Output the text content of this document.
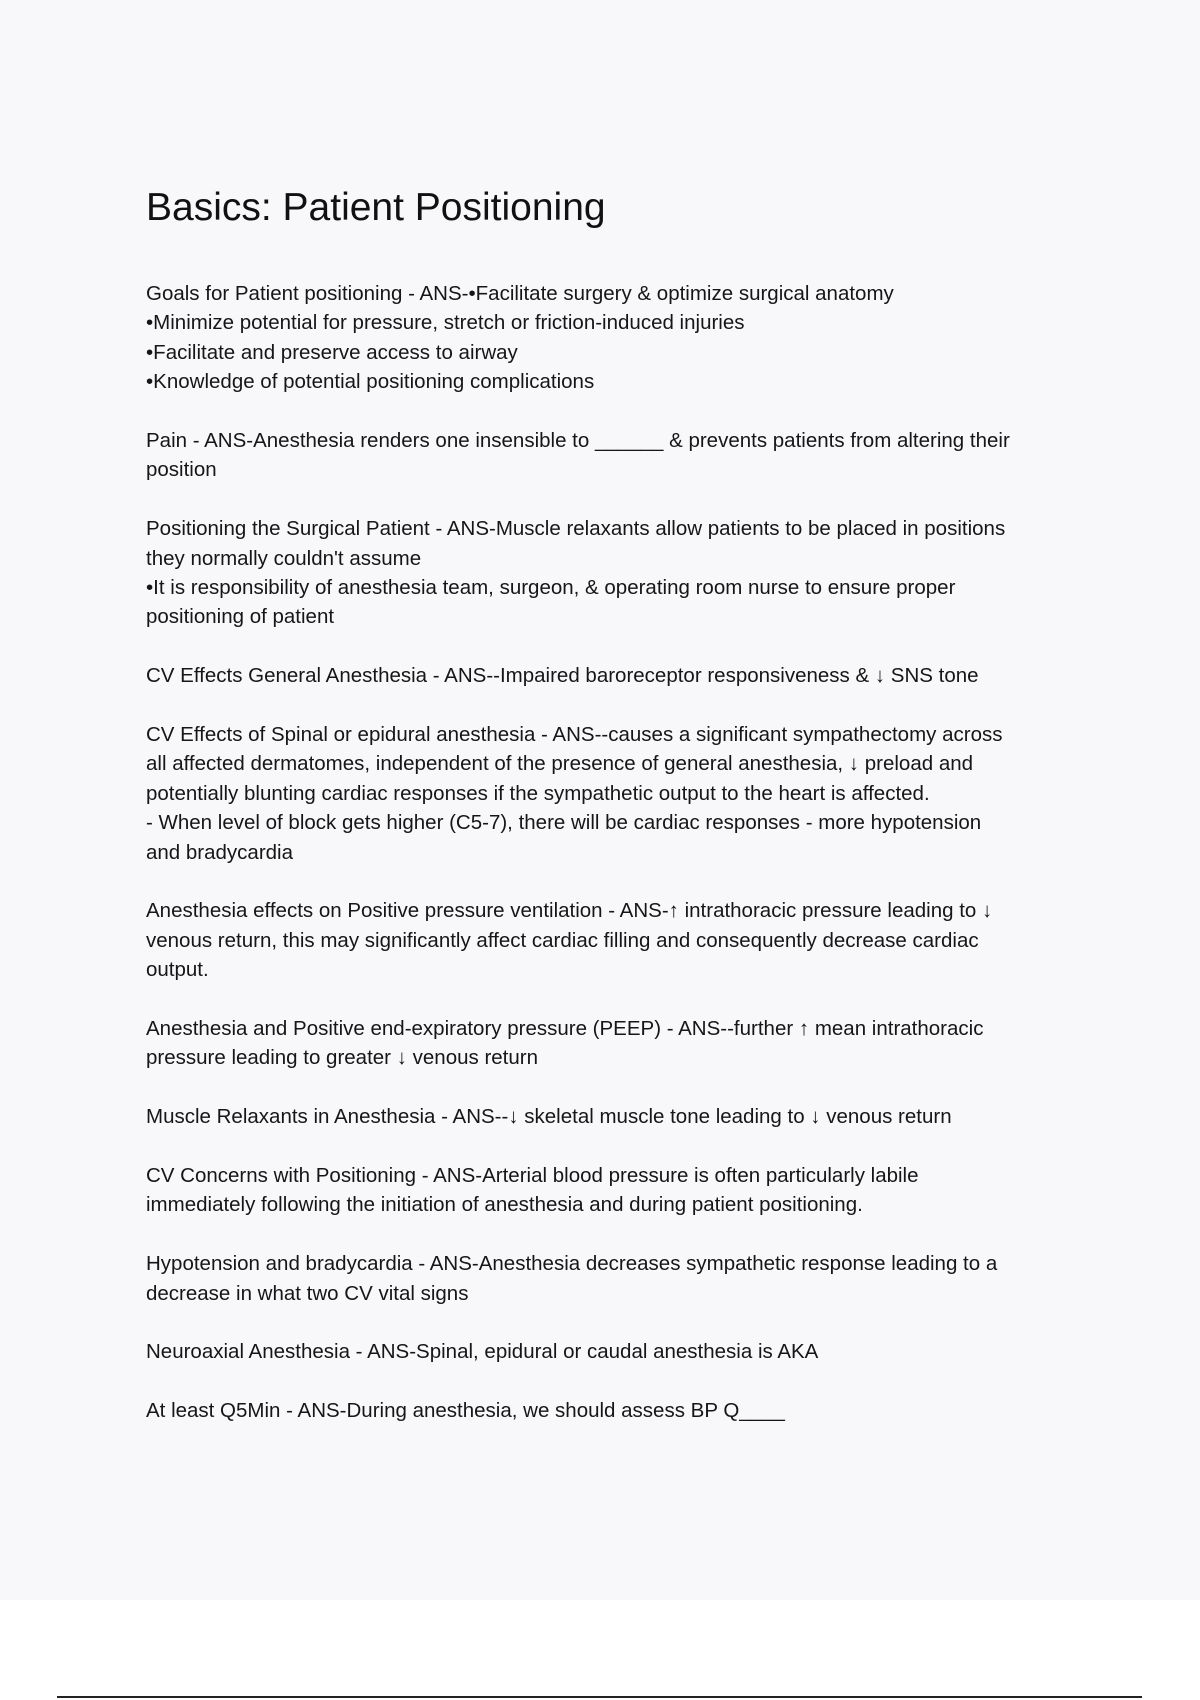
Basics: Patient Positioning
Goals for Patient positioning - ANS-•Facilitate surgery & optimize surgical anatomy
•Minimize potential for pressure, stretch or friction-induced injuries
•Facilitate and preserve access to airway
•Knowledge of potential positioning complications
Pain - ANS-Anesthesia renders one insensible to ______ & prevents patients from altering their
position
Positioning the Surgical Patient - ANS-Muscle relaxants allow patients to be placed in positions
they normally couldn't assume
•It is responsibility of anesthesia team, surgeon, & operating room nurse to ensure proper
positioning of patient
CV Effects General Anesthesia - ANS--Impaired baroreceptor responsiveness & ↓ SNS tone
CV Effects of Spinal or epidural anesthesia - ANS--causes a significant sympathectomy across
all affected dermatomes, independent of the presence of general anesthesia, ↓ preload and
potentially blunting cardiac responses if the sympathetic output to the heart is affected.
- When level of block gets higher (C5-7), there will be cardiac responses - more hypotension
and bradycardia
Anesthesia effects on Positive pressure ventilation - ANS-↑ intrathoracic pressure leading to ↓
venous return, this may significantly affect cardiac filling and consequently decrease cardiac
output.
Anesthesia and Positive end-expiratory pressure (PEEP) - ANS--further ↑ mean intrathoracic
pressure leading to greater ↓ venous return
Muscle Relaxants in Anesthesia - ANS--↓ skeletal muscle tone leading to ↓ venous return
CV Concerns with Positioning - ANS-Arterial blood pressure is often particularly labile
immediately following the initiation of anesthesia and during patient positioning.
Hypotension and bradycardia - ANS-Anesthesia decreases sympathetic response leading to a
decrease in what two CV vital signs
Neuroaxial Anesthesia - ANS-Spinal, epidural or caudal anesthesia is AKA
At least Q5Min - ANS-During anesthesia, we should assess BP Q____
